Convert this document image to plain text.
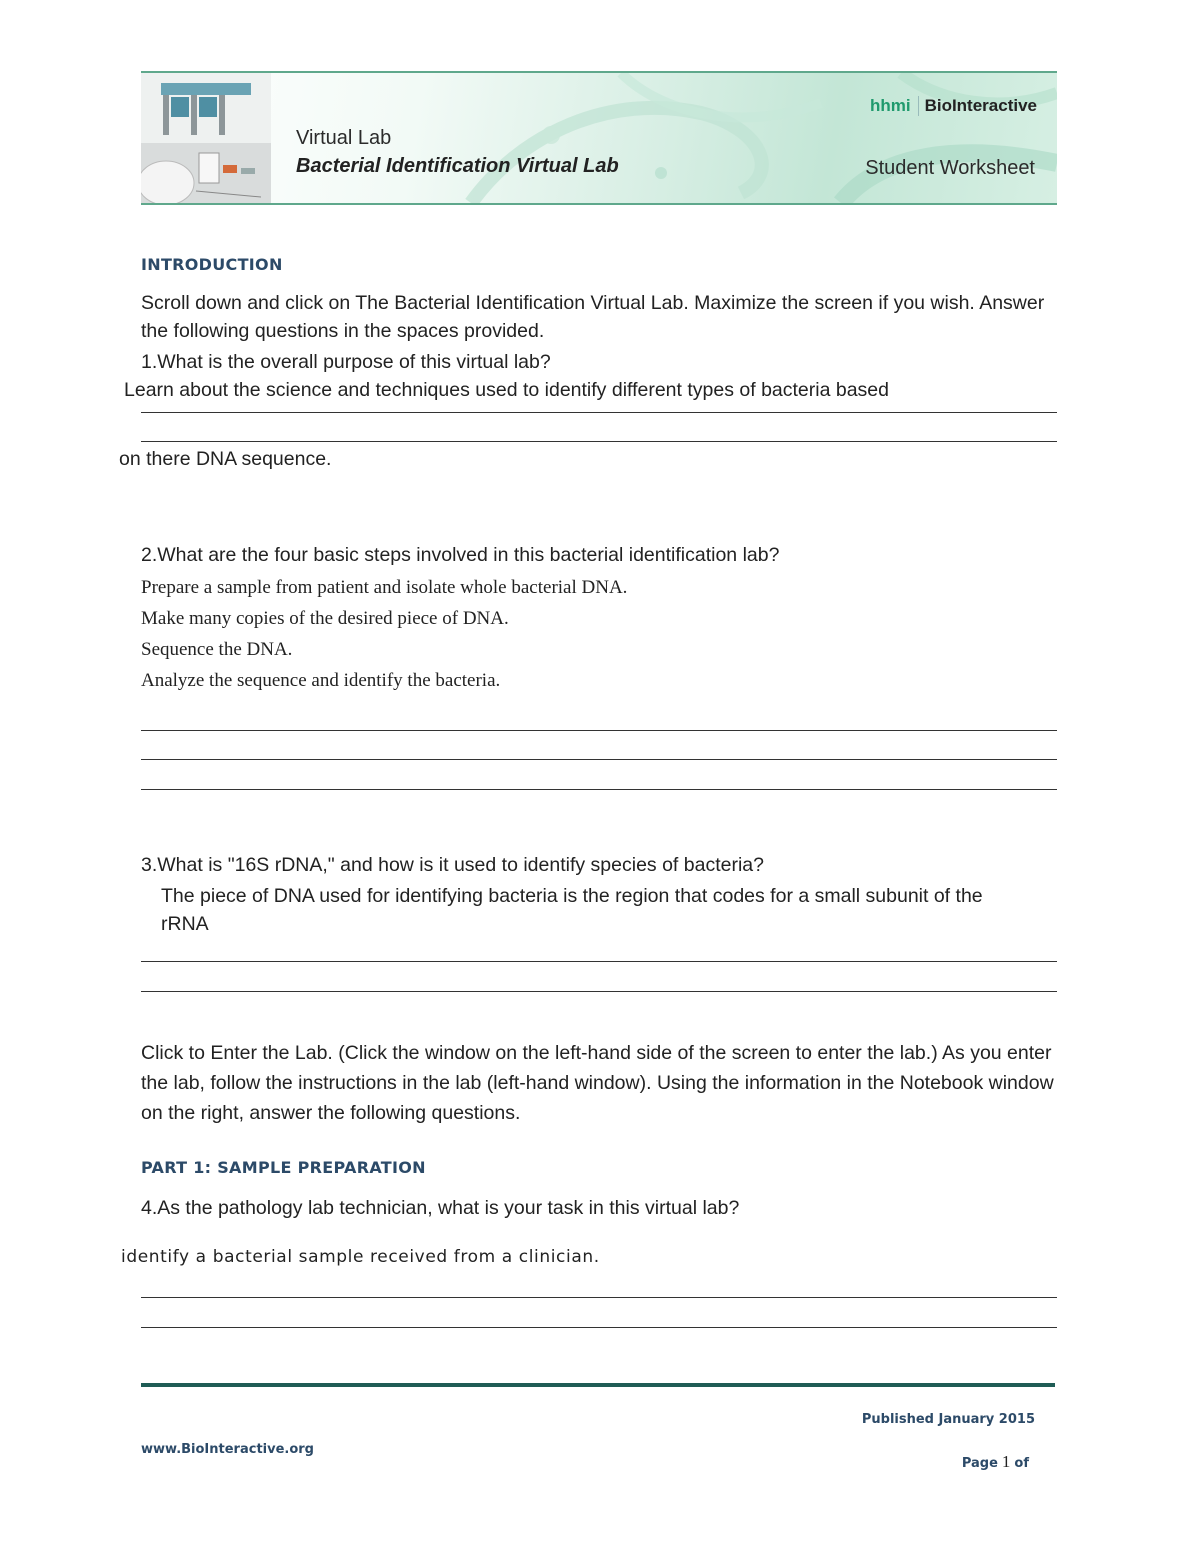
hhmi BioInteractive
Virtual Lab
Bacterial Identification Virtual Lab	Student Worksheet
INTRODUCTION
Scroll down and click on The Bacterial Identification Virtual Lab. Maximize the screen if you wish. Answer the following questions in the spaces provided.
1.What is the overall purpose of this virtual lab?
Learn about the science and techniques used to identify different types of bacteria based
on there DNA sequence.
2.What are the four basic steps involved in this bacterial identification lab?
Prepare a sample from patient and isolate whole bacterial DNA.
Make many copies of the desired piece of DNA.
Sequence the DNA.
Analyze the sequence and identify the bacteria.
3.What is "16S rDNA," and how is it used to identify species of bacteria?
The piece of DNA used for identifying bacteria is the region that codes for a small subunit of the rRNA
Click to Enter the Lab. (Click the window on the left-hand side of the screen to enter the lab.) As you enter the lab, follow the instructions in the lab (left-hand window). Using the information in the Notebook window on the right, answer the following questions.
PART 1: SAMPLE PREPARATION
4.As the pathology lab technician, what is your task in this virtual lab?
identify a bacterial sample received from a clinician.
Published January 2015
www.BioInteractive.org
Page 1 of
